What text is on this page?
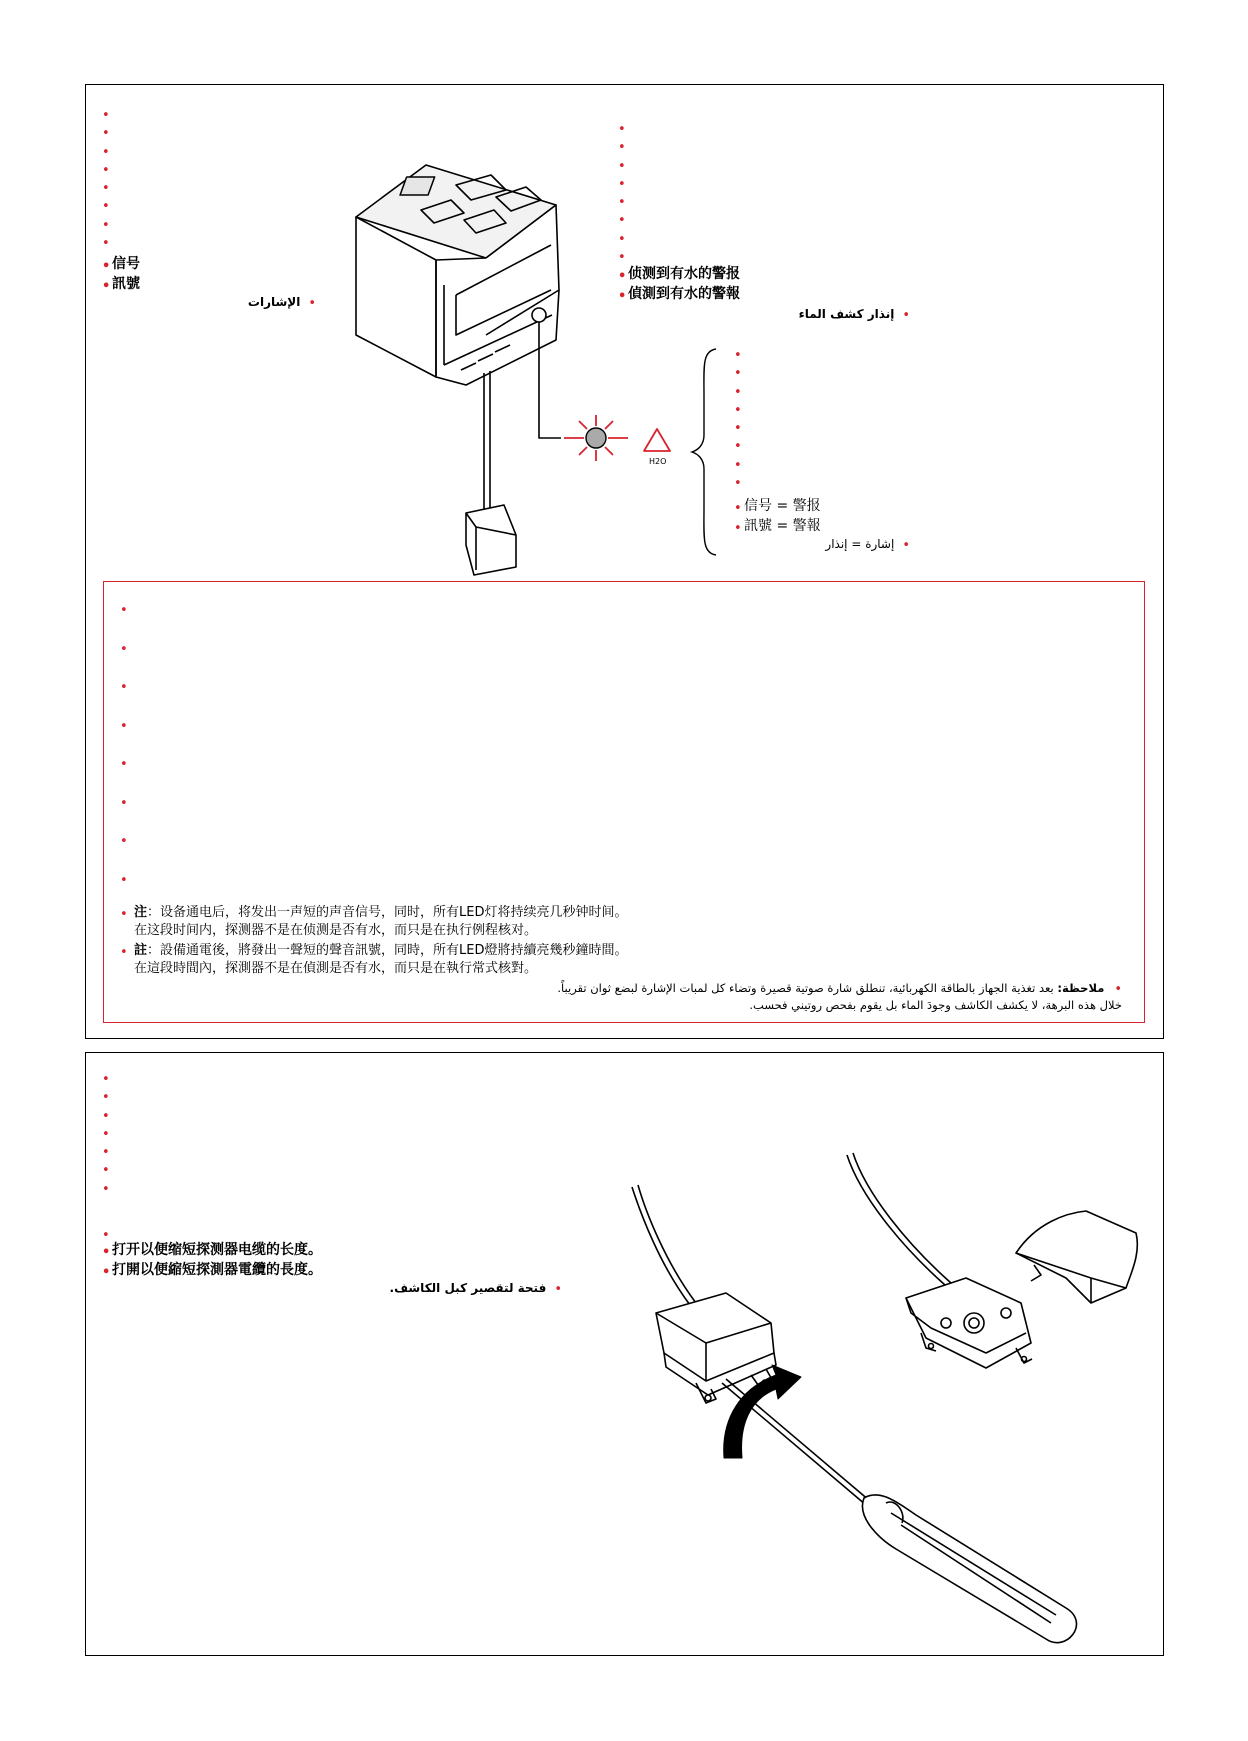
•
•
•
•
•
•
•
•
• 信号
• 訊號
•الإشارات
•
•
•
•
•
•
•
•
• 侦测到有水的警报
• 偵測到有水的警報
•إنذار كشف الماء
H2O
•
•
•
•
•
•
•
•
• 信号 = 警报
• 訊號 = 警報
•إشارة = إنذار
•
•
•
•
•
•
•
•
• 注：设备通电后，将发出一声短的声音信号，同时，所有LED灯将持续亮几秒钟时间。
在这段时间内，探测器不是在侦测是否有水，而只是在执行例程核对。
• 註：設備通電後，將發出一聲短的聲音訊號，同時，所有LED燈將持續亮幾秒鐘時間。
在這段時間內，探測器不是在偵測是否有水，而只是在執行常式核對。
•ملاحظة: بعد تغذية الجهاز بالطاقة الكهربائية، تنطلق شارة صوتية قصيرة وتضاء كل لمبات الإشارة لبضع ثوان تقريباً.
خلال هذه البرهة، لا يكشف الكاشف وجودَ الماء بل يقوم بفحص روتيني فحسب.
•
•
•
•
•
•
•
•
• 打开以便缩短探测器电缆的长度。
• 打開以便縮短探測器電纜的長度。
•فتحة لتقصير كبل الكاشف.
